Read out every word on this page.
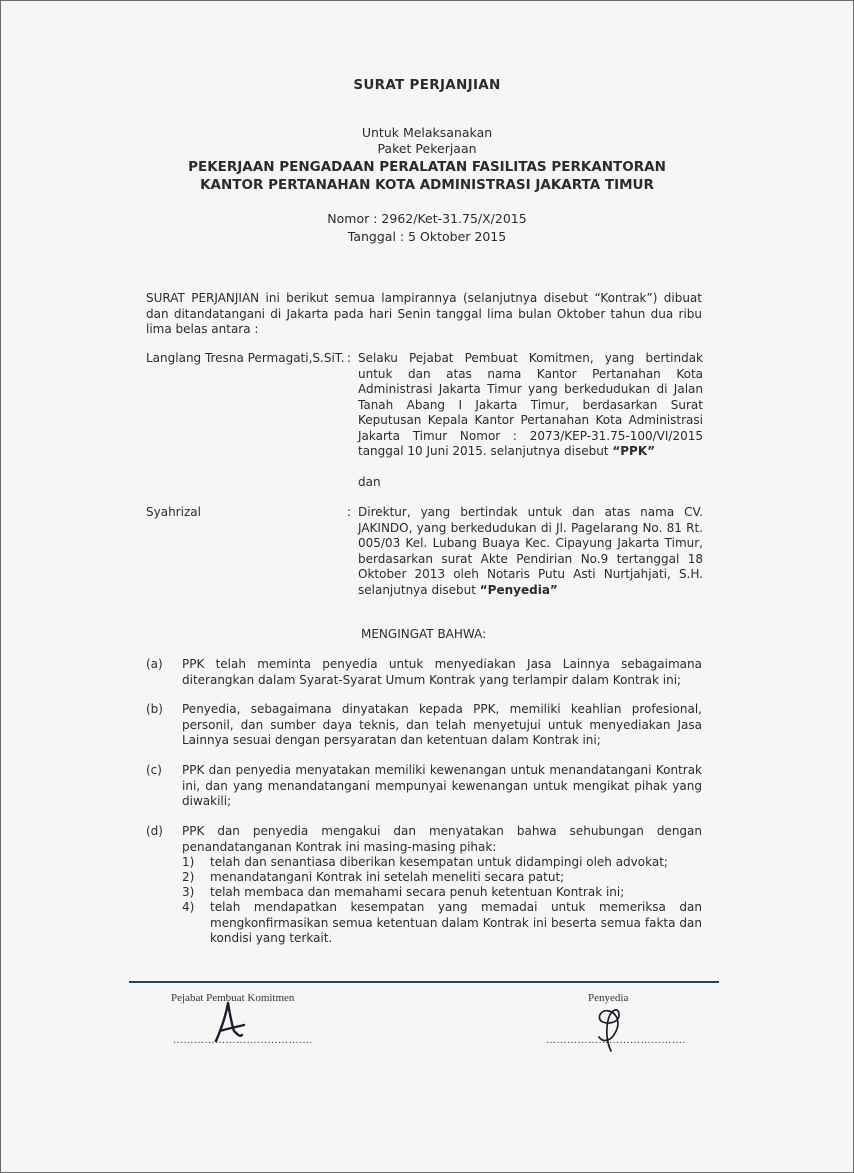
SURAT PERJANJIAN
Untuk Melaksanakan
Paket Pekerjaan
PEKERJAAN PENGADAAN PERALATAN FASILITAS PERKANTORAN
KANTOR PERTANAHAN KOTA ADMINISTRASI JAKARTA TIMUR
Nomor : 2962/Ket-31.75/X/2015
Tanggal : 5 Oktober 2015
SURAT PERJANJIAN ini berikut semua lampirannya (selanjutnya disebut “Kontrak”) dibuat dan ditandatangani di Jakarta pada hari Senin tanggal lima bulan Oktober tahun dua ribu lima belas antara :
Langlang Tresna Permagati,S.SiT. : Selaku Pejabat Pembuat Komitmen, yang bertindak untuk dan atas nama Kantor Pertanahan Kota Administrasi Jakarta Timur yang berkedudukan di Jalan Tanah Abang I Jakarta Timur, berdasarkan Surat Keputusan Kepala Kantor Pertanahan Kota Administrasi Jakarta Timur Nomor : 2073/KEP-31.75-100/VI/2015 tanggal 10 Juni 2015. selanjutnya disebut “PPK”
dan
Syahrizal	: Direktur, yang bertindak untuk dan atas nama CV. JAKINDO, yang berkedudukan di Jl. Pagelarang No. 81 Rt. 005/03 Kel. Lubang Buaya Kec. Cipayung Jakarta Timur, berdasarkan surat Akte Pendirian No.9 tertanggal 18 Oktober 2013 oleh Notaris Putu Asti Nurtjahjati, S.H. selanjutnya disebut “Penyedia”
MENGINGAT BAHWA:
(a) PPK telah meminta penyedia untuk menyediakan Jasa Lainnya sebagaimana diterangkan dalam Syarat-Syarat Umum Kontrak yang terlampir dalam Kontrak ini;
(b) Penyedia, sebagaimana dinyatakan kepada PPK, memiliki keahlian profesional, personil, dan sumber daya teknis, dan telah menyetujui untuk menyediakan Jasa Lainnya sesuai dengan persyaratan dan ketentuan dalam Kontrak ini;
(c) PPK dan penyedia menyatakan memiliki kewenangan untuk menandatangani Kontrak ini, dan yang menandatangani mempunyai kewenangan untuk mengikat pihak yang diwakili;
(d) PPK dan penyedia mengakui dan menyatakan bahwa sehubungan dengan penandatanganan Kontrak ini masing-masing pihak:
1) telah dan senantiasa diberikan kesempatan untuk didampingi oleh advokat;
2) menandatangani Kontrak ini setelah meneliti secara patut;
3) telah membaca dan memahami secara penuh ketentuan Kontrak ini;
4) telah mendapatkan kesempatan yang memadai untuk memeriksa dan mengkonfirmasikan semua ketentuan dalam Kontrak ini beserta semua fakta dan kondisi yang terkait.
Pejabat Pembuat Komitmen	Penyedia
………………………………….	………………………………….
